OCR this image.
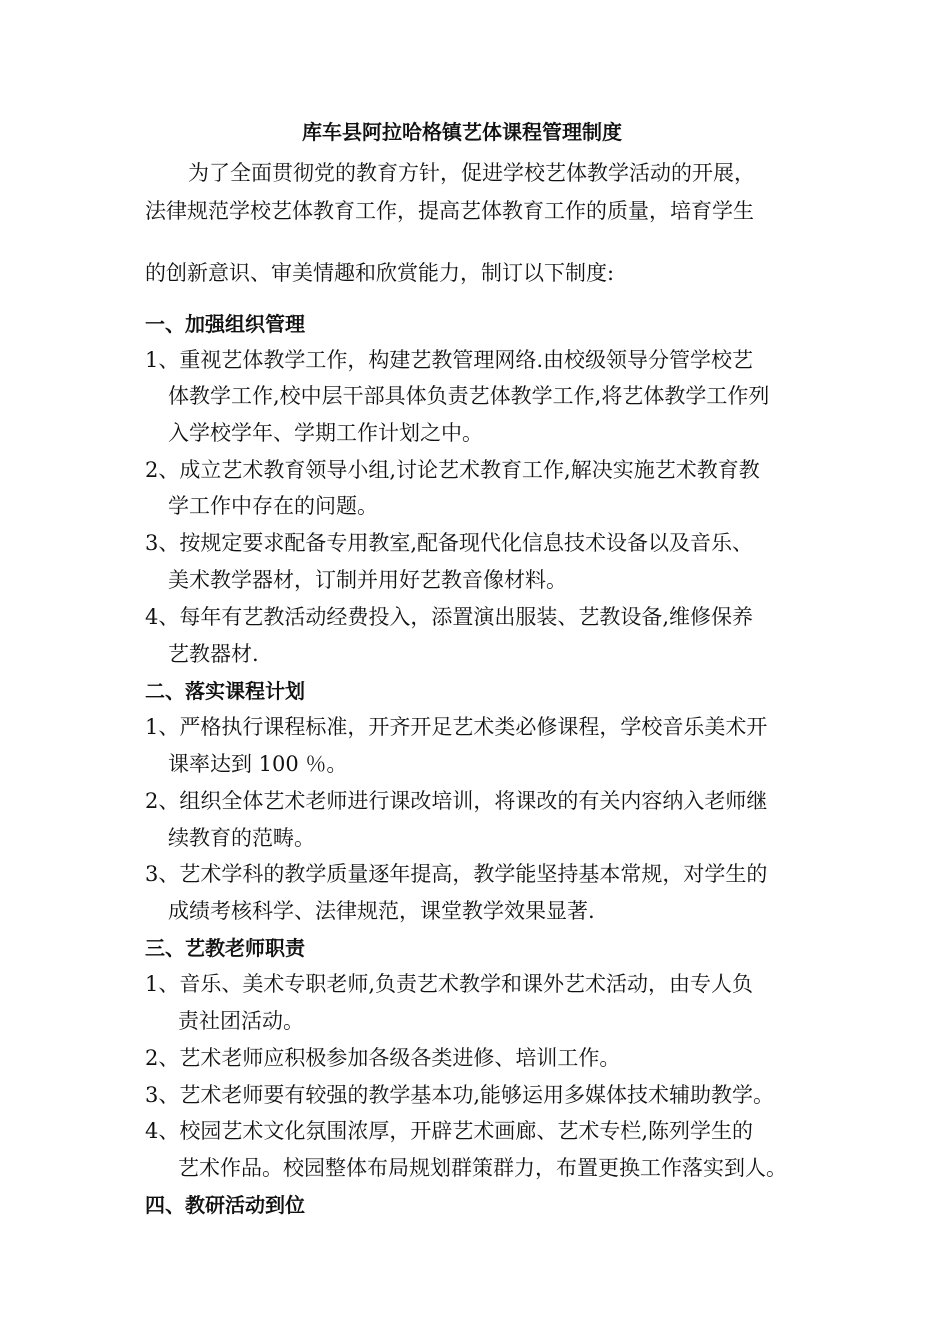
库车县阿拉哈格镇艺体课程管理制度
为了全面贯彻党的教育方针，促进学校艺体教学活动的开展，
法律规范学校艺体教育工作，提高艺体教育工作的质量，培育学生
的创新意识、审美情趣和欣赏能力，制订以下制度:
一、加强组织管理
1、重视艺体教学工作，构建艺教管理网络.由校级领导分管学校艺
体教学工作,校中层干部具体负责艺体教学工作,将艺体教学工作列
入学校学年、学期工作计划之中。
2、成立艺术教育领导小组,讨论艺术教育工作,解决实施艺术教育教
学工作中存在的问题。
3、按规定要求配备专用教室,配备现代化信息技术设备以及音乐、
美术教学器材，订制并用好艺教音像材料。
4、每年有艺教活动经费投入，添置演出服装、艺教设备,维修保养
艺教器材.
二、落实课程计划
1、严格执行课程标准，开齐开足艺术类必修课程，学校音乐美术开
课率达到 100 ％。
2、组织全体艺术老师进行课改培训，将课改的有关内容纳入老师继
续教育的范畴。
3、艺术学科的教学质量逐年提高，教学能坚持基本常规，对学生的
成绩考核科学、法律规范，课堂教学效果显著.
三、艺教老师职责
1、音乐、美术专职老师,负责艺术教学和课外艺术活动，由专人负
责社团活动。
2、艺术老师应积极参加各级各类进修、培训工作。
3、艺术老师要有较强的教学基本功,能够运用多媒体技术辅助教学。
4、校园艺术文化氛围浓厚，开辟艺术画廊、艺术专栏,陈列学生的
艺术作品。校园整体布局规划群策群力，布置更换工作落实到人。
四、教研活动到位
